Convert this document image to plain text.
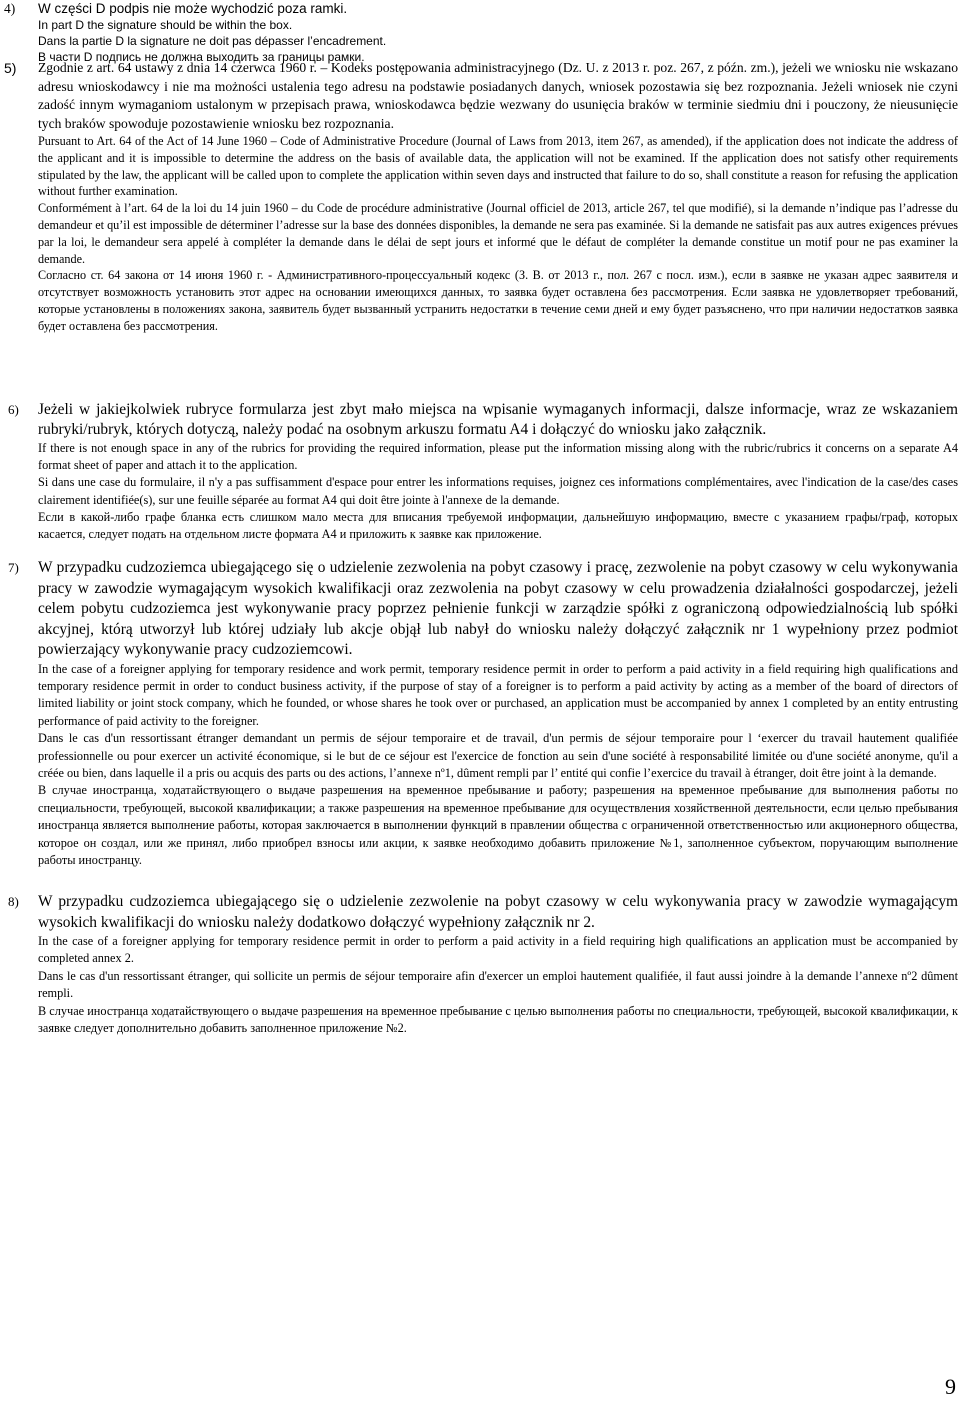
4) W części D podpis nie może wychodzić poza ramki.

In part D the signature should be within the box.

Dans la partie D la signature ne doit pas dépasser l’encadrement.

В части D подпись не должна выходить за границы рамки.

5) Zgodnie z art. 64 ustawy z dnia 14 czerwca 1960 r. – Kodeks postępowania administracyjnego (Dz. U. z 2013 r. poz. 267, z późn. zm.), jeżeli we wniosku nie wskazano adresu wnioskodawcy i nie ma możności ustalenia tego adresu na podstawie posiadanych danych, wniosek pozostawia się bez rozpoznania. Jeżeli wniosek nie czyni zadość innym wymaganiom ustalonym w przepisach prawa, wnioskodawca będzie wezwany do usunięcia braków w terminie siedmiu dni i pouczony, że nieusunięcie tych braków spowoduje pozostawienie wniosku bez rozpoznania.

Pursuant to Art. 64 of the Act of 14 June 1960 – Code of Administrative Procedure (Journal of Laws from 2013, item 267, as amended), if the application does not indicate the address of the applicant and it is impossible to determine the address on the basis of available data, the application will not be examined. If the application does not satisfy other requirements stipulated by the law, the applicant will be called upon to complete the application within seven days and instructed that failure to do so, shall constitute a reason for refusing the application without further examination.

Conformément à l’art. 64 de la loi du 14 juin 1960 – du Code de procédure administrative (Journal officiel de 2013, article 267, tel que modifié), si la demande n’indique pas l’adresse du demandeur et qu’il est impossible de déterminer l’adresse sur la base des données disponibles, la demande ne sera pas examinée. Si la demande ne satisfait pas aux autres exigences prévues par la loi, le demandeur sera appelé à compléter la demande dans le délai de sept jours et informé que le défaut de compléter la demande constitue un motif pour ne pas examiner la demande.

Согласно ст. 64 закона от 14 июня 1960 г. - Административного-процессуальный кодекс (З. В. от 2013 г., пол. 267 с посл. изм.), если в заявке не указан адрес заявителя и отсутствует возможность установить этот адрес на основании имеющихся данных, то заявка будет оставлена без рассмотрения. Если заявка не удовлетворяет требований, которые установлены в положениях закона, заявитель будет вызванный устранить недостатки в течение семи дней и ему будет разъяснено, что при наличии недостатков заявка будет оставлена без рассмотрения.

6) Jeżeli w jakiejkolwiek rubryce formularza jest zbyt mało miejsca na wpisanie wymaganych informacji, dalsze informacje, wraz ze wskazaniem rubryki/rubryk, których dotyczą, należy podać na osobnym arkuszu formatu A4 i dołączyć do wniosku jako załącznik.

If there is not enough space in any of the rubrics for providing the required information, please put the information missing along with the rubric/rubrics it concerns on a separate A4 format sheet of paper and attach it to the application.

Si dans une case du formulaire, il n'y a pas suffisamment d'espace pour entrer les informations requises, joignez ces informations complémentaires, avec l'indication de la case/des cases clairement identifiée(s), sur une feuille séparée au format A4 qui doit être jointe à l'annexe de la demande.

Если в какой-либо графе бланка есть слишком мало места для вписания требуемой информации, дальнейшую информацию, вместе с указанием графы/граф, которых касается, следует подать на отдельном листе формата A4 и приложить к заявке как приложение.

7) W przypadku cudzoziemca ubiegającego się o udzielenie zezwolenia na pobyt czasowy i pracę, zezwolenie na pobyt czasowy w celu wykonywania pracy w zawodzie wymagającym wysokich kwalifikacji oraz zezwolenia na pobyt czasowy w celu prowadzenia działalności gospodarczej, jeżeli celem pobytu cudzoziemca jest wykonywanie pracy poprzez pełnienie funkcji w zarządzie spółki z ograniczoną odpowiedzialnością lub spółki akcyjnej, którą utworzył lub której udziały lub akcje objął lub nabył do wniosku należy dołączyć załącznik nr 1 wypełniony przez podmiot powierzający wykonywanie pracy cudzoziemcowi.

In the case of a foreigner applying for temporary residence and work permit, temporary residence permit in order to perform a paid activity in a field requiring high qualifications and temporary residence permit in order to conduct business activity, if the purpose of stay of a foreigner is to perform a paid activity by acting as a member of the board of directors of limited liability or joint stock company, which he founded, or whose shares he took over or purchased, an application must be accompanied by annex 1 completed by an entity entrusting performance of paid activity to the foreigner.

Dans le cas d'un ressortissant étranger demandant un permis de séjour temporaire et de travail, d'un permis de séjour temporaire pour l ‘exercer du travail hautement qualifiée professionnelle ou pour exercer un activité économique, si le but de ce séjour est l'exercice de fonction au sein d'une société à responsabilité limitée ou d'une société anonyme, qu'il a créée ou bien, dans laquelle il a pris ou acquis des parts ou des actions, l’annexe nº1, dûment rempli par l’ entité qui confie l’exercice du travail à étranger, doit être joint à la demande.

В случае иностранца, ходатайствующего о выдаче разрешения на временное пребывание и работу; разрешения на временное пребывание для выполнения работы по специальности, требующей, высокой квалификации; а также разрешения на временное пребывание для осуществления хозяйственной деятельности, если целью пребывания иностранца является выполнение работы, которая заключается в выполнении функций в правлении общества с ограниченной ответственностью или акционерного общества, которое он создал, или же принял, либо приобрел взносы или акции, к заявке необходимо добавить приложение №1, заполненное субъектом, поручающим выполнение работы иностранцу.

8) W przypadku cudzoziemca ubiegającego się o udzielenie zezwolenie na pobyt czasowy w celu wykonywania pracy w zawodzie wymagającym wysokich kwalifikacji do wniosku należy dodatkowo dołączyć wypełniony załącznik nr 2.

In the case of a foreigner applying for temporary residence permit in order to perform a paid activity in a field requiring high qualifications an application must be accompanied by completed annex 2.

Dans le cas d'un ressortissant étranger, qui sollicite un permis de séjour temporaire afin d'exercer un emploi hautement qualifiée, il faut aussi joindre à la demande l’annexe nº2 dûment rempli.

В случае иностранца ходатайствующего о выдаче разрешения на временное пребывание с целью выполнения работы по специальности, требующей, высокой квалификации, к заявке следует дополнительно добавить заполненное приложение №2.

9
